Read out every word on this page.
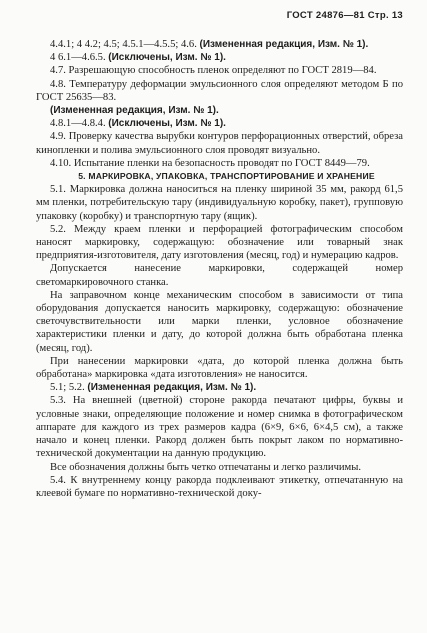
ГОСТ 24876—81 Стр. 13

4.4.1; 4 4.2; 4.5; 4.5.1—4.5.5; 4.6. (Измененная редакция, Изм. № 1).

4 6.1—4.6.5. (Исключены, Изм. № 1).

4.7. Разрешающую способность пленок определяют по ГОСТ 2819—84.

4.8. Температуру деформации эмульсионного слоя определяют методом Б по ГОСТ 25635—83.

(Измененная редакция, Изм. № 1).

4.8.1—4.8.4. (Исключены, Изм. № 1).

4.9. Проверку качества вырубки контуров перфорационных отверстий, обреза кинопленки и полива эмульсионного слоя проводят визуально.

4.10. Испытание пленки на безопасность проводят по ГОСТ 8449—79.

5. МАРКИРОВКА, УПАКОВКА, ТРАНСПОРТИРОВАНИЕ И ХРАНЕНИЕ

5.1. Маркировка должна наноситься на пленку шириной 35 мм, ракорд 61,5 мм пленки, потребительскую тару (индивидуальную коробку, пакет), групповую упаковку (коробку) и транспортную тару (ящик).

5.2. Между краем пленки и перфорацией фотографическим способом наносят маркировку, содержащую: обозначение или товарный знак предприятия-изготовителя, дату изготовления (месяц, год) и нумерацию кадров.

Допускается нанесение маркировки, содержащей номер светомаркировочного станка.

На заправочном конце механическим способом в зависимости от типа оборудования допускается наносить маркировку, содержащую: обозначение светочувствительности или марки пленки, условное обозначение характеристики пленки и дату, до которой должна быть обработана пленка (месяц, год).

При нанесении маркировки «дата, до которой пленка должна быть обработана» маркировка «дата изготовления» не наносится.

5.1; 5.2. (Измененная редакция, Изм. № 1).

5.3. На внешней (цветной) стороне ракорда печатают цифры, буквы и условные знаки, определяющие положение и номер снимка в фотографическом аппарате для каждого из трех размеров кадра (6×9, 6×6, 6×4,5 см), а также начало и конец пленки. Ракорд должен быть покрыт лаком по нормативно-технической документации на данную продукцию.

Все обозначения должны быть четко отпечатаны и легко различимы.

5.4. К внутреннему концу ракорда подклеивают этикетку, отпечатанную на клеевой бумаге по нормативно-технической доку-
